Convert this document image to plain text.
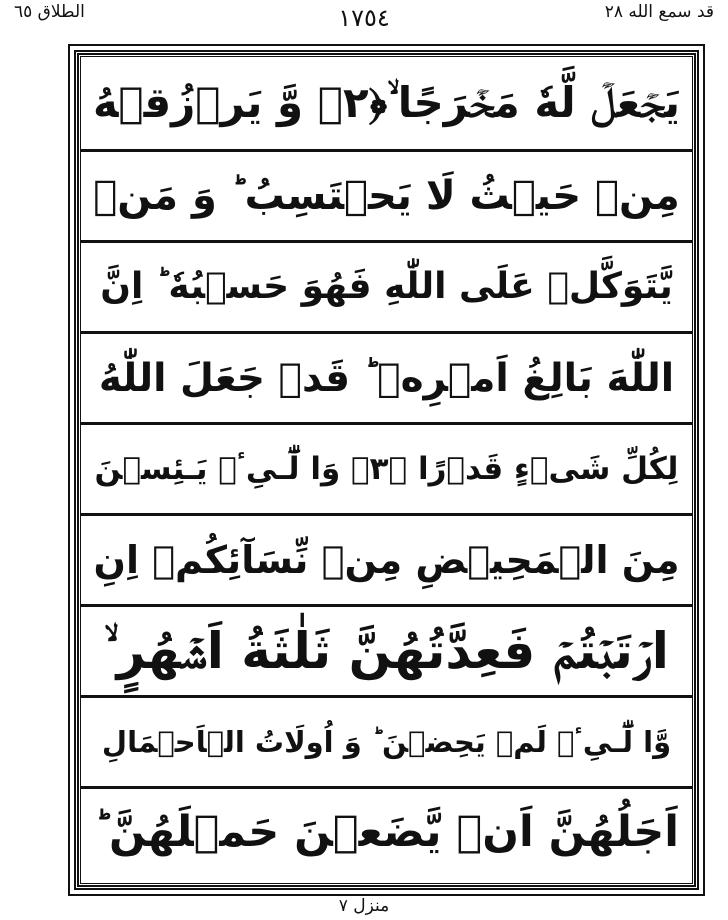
الطلاق ٦٥	١٧٥٤	قد سمع الله ٢٨
يَجۡعَلۡ لَّهٗ مَخۡرَجًا ۙ﴿۲﴾ وَّ يَرۡزُقۡهُ
مِنۡ حَيۡثُ لَا يَحۡتَسِبُ ؕ وَ مَنۡ
يَّتَوَكَّلۡ عَلَى اللّٰهِ فَهُوَ حَسۡبُهٗ ؕ اِنَّ
اللّٰهَ بَالِغُ اَمۡرِهٖ ؕ قَدۡ جَعَلَ اللّٰهُ
لِكُلِّ شَىۡءٍ قَدۡرًا ﴿۳﴾ وَا لّٰٓـىِٴۡ يَـئِسۡنَ
مِنَ الۡمَحِيۡضِ مِنۡ نِّسَآئِكُمۡ اِنِ
ارۡتَبۡتُمۡ فَعِدَّتُهُنَّ ثَلٰثَةُ اَشۡهُرٍ ۙ
وَّا لّٰٓـىِٴۡ لَمۡ يَحِضۡنَ ؕ وَ اُولَاتُ الۡاَحۡمَالِ
اَجَلُهُنَّ اَنۡ يَّضَعۡنَ حَمۡلَهُنَّ ؕ
منزل ۷
